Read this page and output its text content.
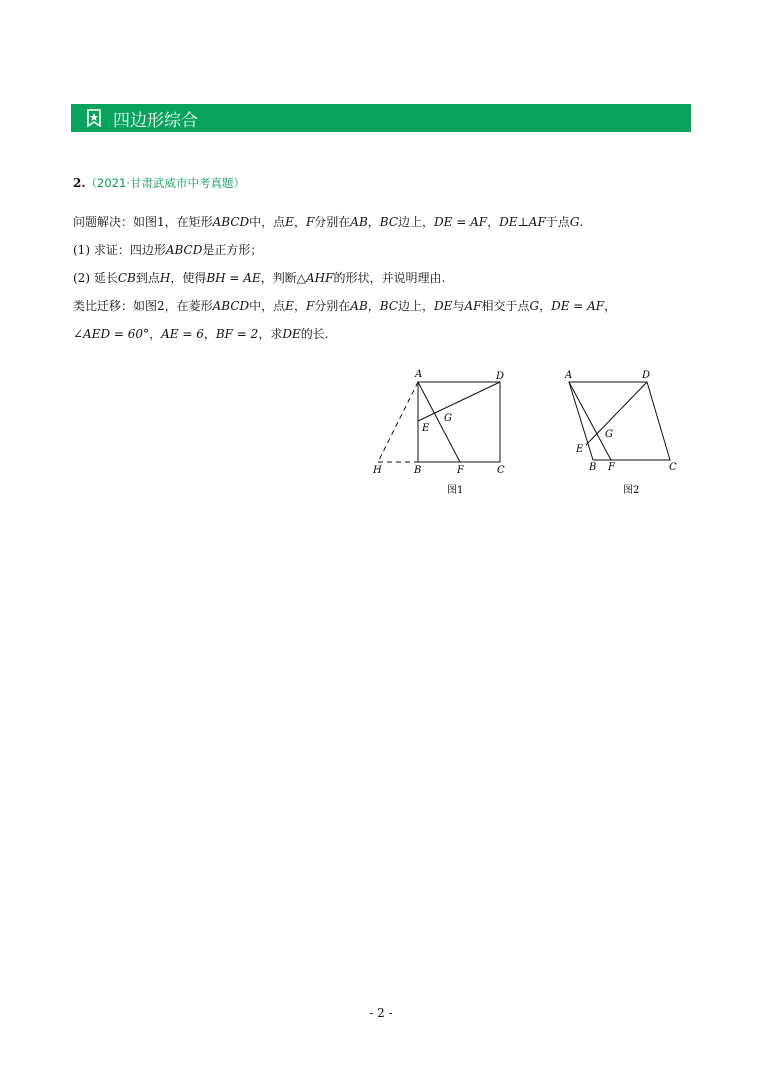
四边形综合
2.（2021·甘肃武威市中考真题）
问题解决：如图1，在矩形ABCD中，点E，F分别在AB，BC边上，DE = AF，DE⊥AF于点G.
(1) 求证：四边形ABCD是正方形；
(2) 延长CB到点H，使得BH = AE，判断△AHF的形状，并说明理由.
类比迁移：如图2，在菱形ABCD中，点E，F分别在AB，BC边上，DE与AF相交于点G，DE = AF，
∠AED = 60°，AE = 6，BF = 2，求DE的长.
A	D
E
G
H	B	F	C
图1
A	D
E
G
B F	C
图2
- 2 -
